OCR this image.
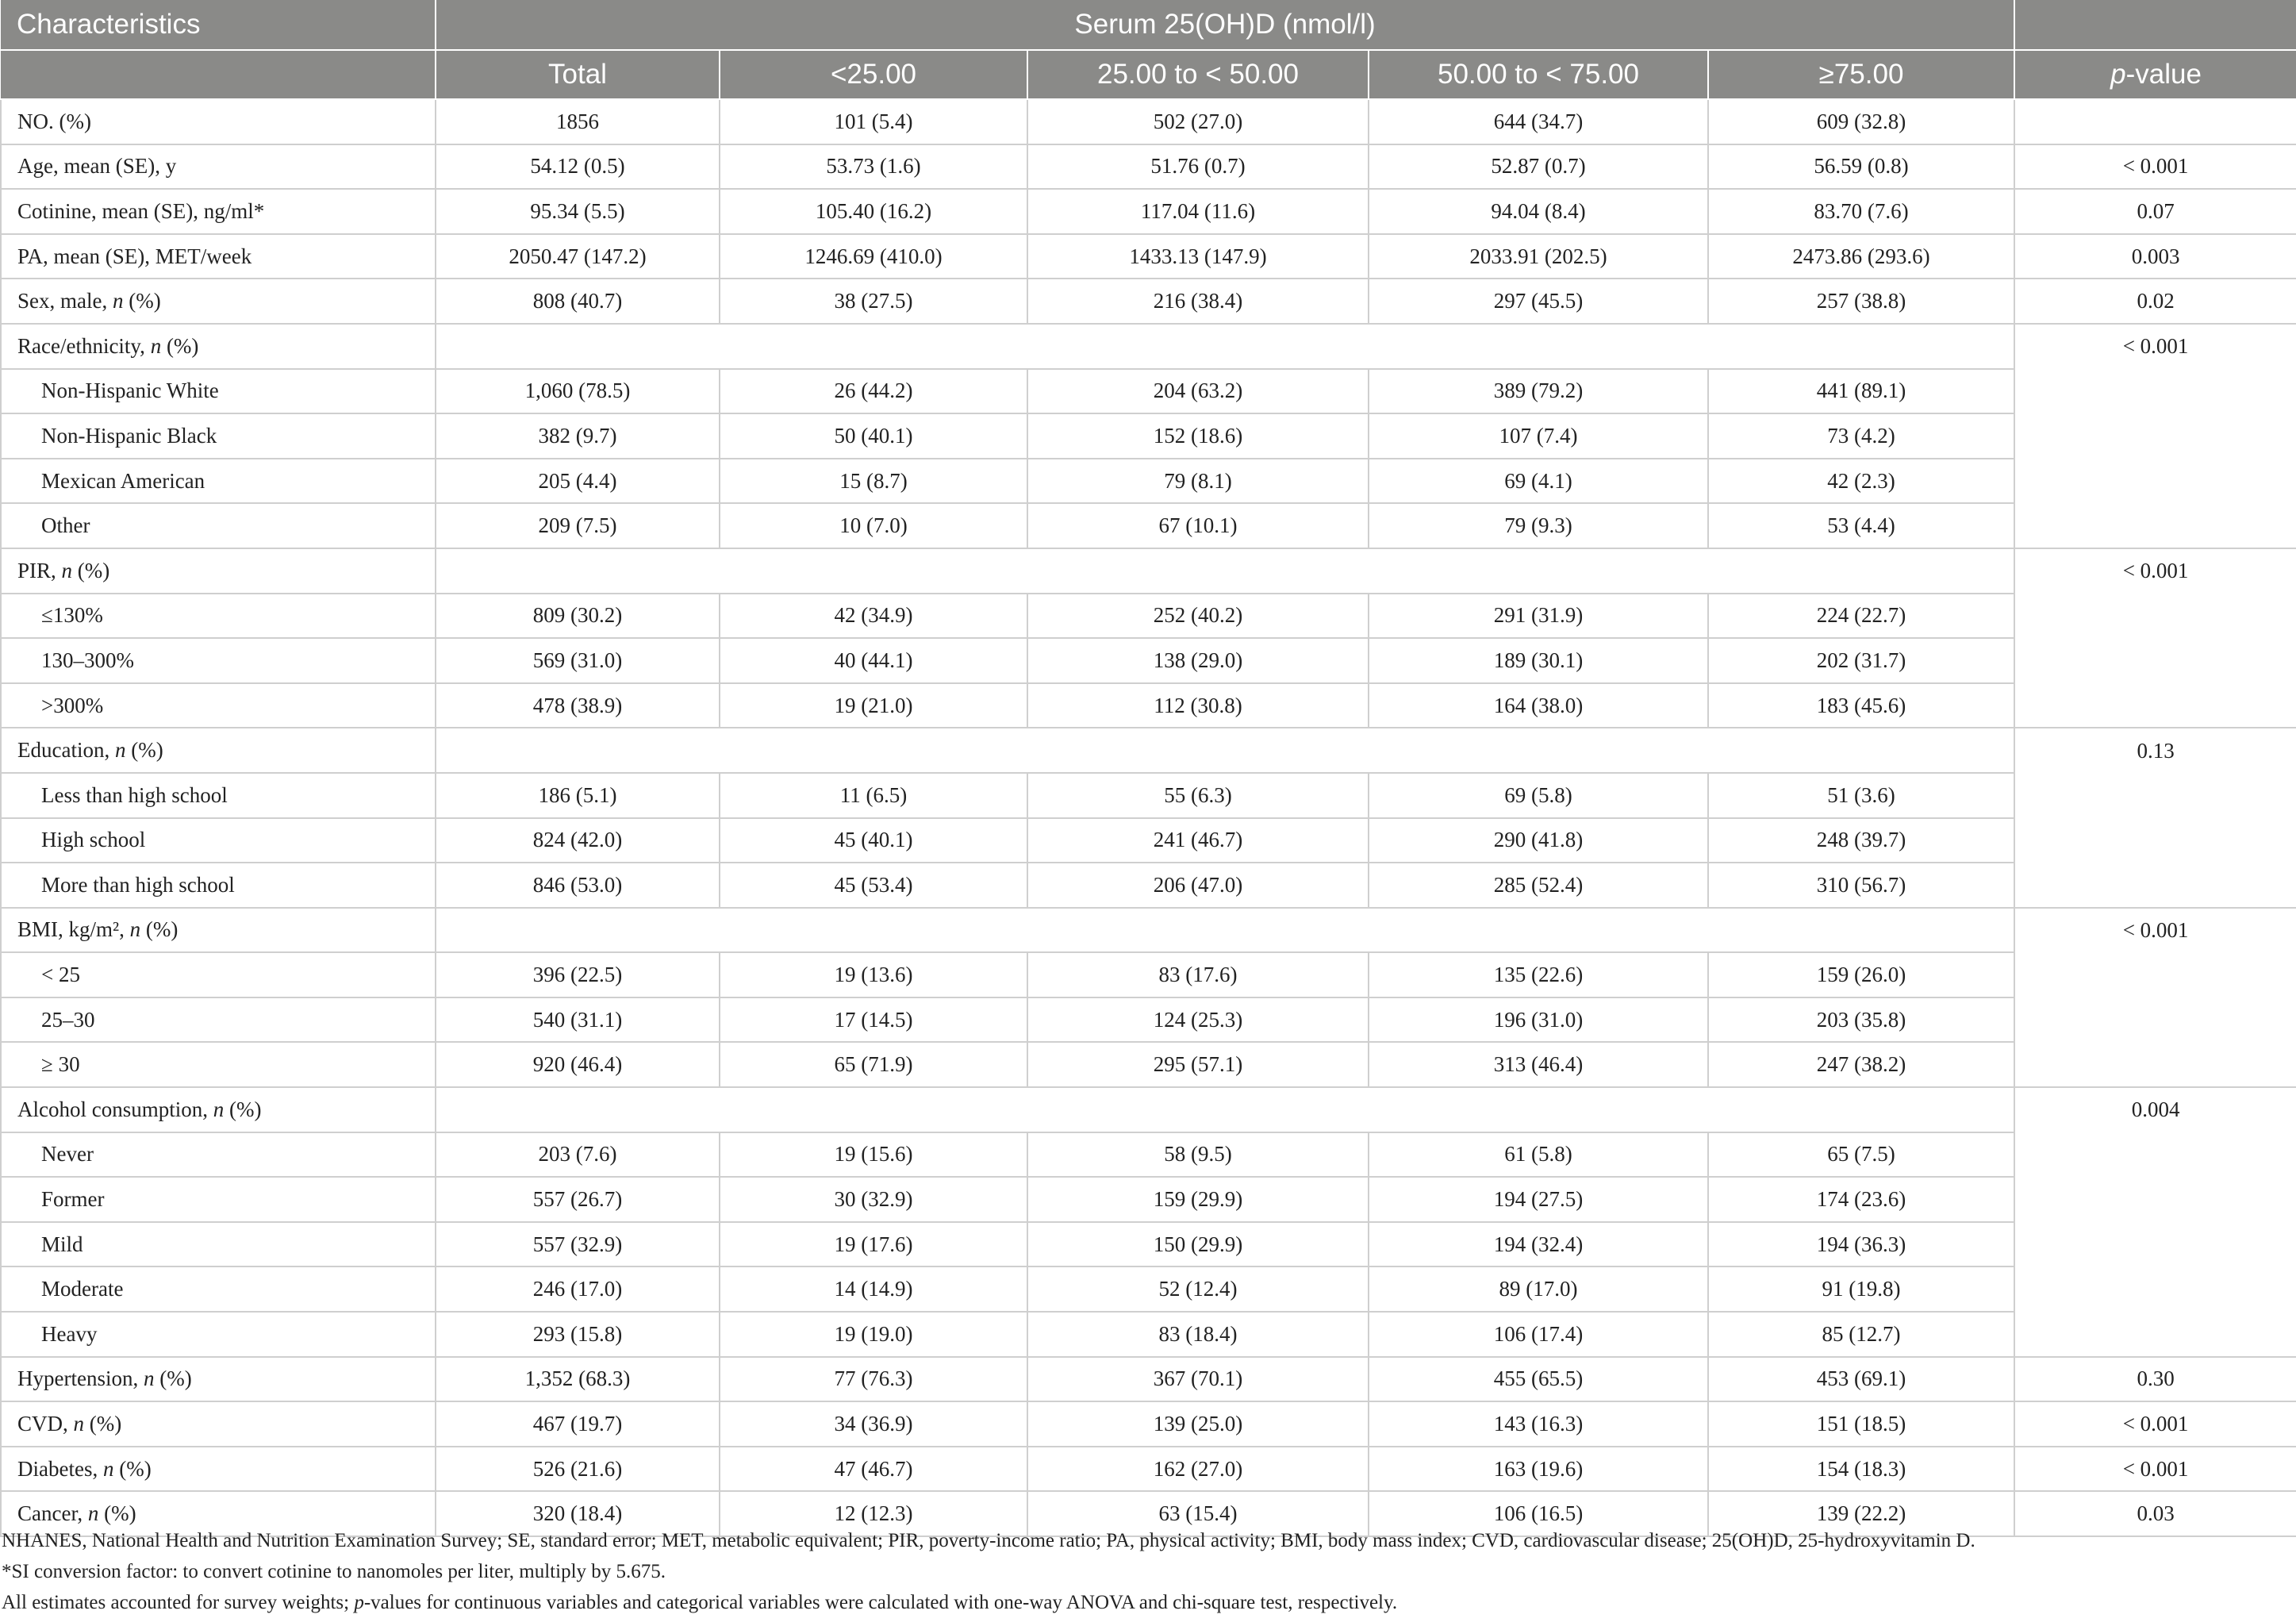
Characteristics	Serum 25(OH)D (nmol/l)					
	Total	<25.00	25.00 to < 50.00	50.00 to < 75.00	≥75.00	p-value
NO. (%)	1856	101 (5.4)	502 (27.0)	644 (34.7)	609 (32.8)	
Age, mean (SE), y	54.12 (0.5)	53.73 (1.6)	51.76 (0.7)	52.87 (0.7)	56.59 (0.8)	< 0.001
Cotinine, mean (SE), ng/ml*	95.34 (5.5)	105.40 (16.2)	117.04 (11.6)	94.04 (8.4)	83.70 (7.6)	0.07
PA, mean (SE), MET/week	2050.47 (147.2)	1246.69 (410.0)	1433.13 (147.9)	2033.91 (202.5)	2473.86 (293.6)	0.003
Sex, male, n (%)	808 (40.7)	38 (27.5)	216 (38.4)	297 (45.5)	257 (38.8)	0.02
Race/ethnicity, n (%)						< 0.001
Non-Hispanic White	1,060 (78.5)	26 (44.2)	204 (63.2)	389 (79.2)	441 (89.1)	
Non-Hispanic Black	382 (9.7)	50 (40.1)	152 (18.6)	107 (7.4)	73 (4.2)	
Mexican American	205 (4.4)	15 (8.7)	79 (8.1)	69 (4.1)	42 (2.3)	
Other	209 (7.5)	10 (7.0)	67 (10.1)	79 (9.3)	53 (4.4)	
PIR, n (%)						< 0.001
≤130%	809 (30.2)	42 (34.9)	252 (40.2)	291 (31.9)	224 (22.7)	
130–300%	569 (31.0)	40 (44.1)	138 (29.0)	189 (30.1)	202 (31.7)	
>300%	478 (38.9)	19 (21.0)	112 (30.8)	164 (38.0)	183 (45.6)	
Education, n (%)						0.13
Less than high school	186 (5.1)	11 (6.5)	55 (6.3)	69 (5.8)	51 (3.6)	
High school	824 (42.0)	45 (40.1)	241 (46.7)	290 (41.8)	248 (39.7)	
More than high school	846 (53.0)	45 (53.4)	206 (47.0)	285 (52.4)	310 (56.7)	
BMI, kg/m², n (%)						< 0.001
< 25	396 (22.5)	19 (13.6)	83 (17.6)	135 (22.6)	159 (26.0)	
25–30	540 (31.1)	17 (14.5)	124 (25.3)	196 (31.0)	203 (35.8)	
≥ 30	920 (46.4)	65 (71.9)	295 (57.1)	313 (46.4)	247 (38.2)	
Alcohol consumption, n (%)						0.004
Never	203 (7.6)	19 (15.6)	58 (9.5)	61 (5.8)	65 (7.5)	
Former	557 (26.7)	30 (32.9)	159 (29.9)	194 (27.5)	174 (23.6)	
Mild	557 (32.9)	19 (17.6)	150 (29.9)	194 (32.4)	194 (36.3)	
Moderate	246 (17.0)	14 (14.9)	52 (12.4)	89 (17.0)	91 (19.8)	
Heavy	293 (15.8)	19 (19.0)	83 (18.4)	106 (17.4)	85 (12.7)	
Hypertension, n (%)	1,352 (68.3)	77 (76.3)	367 (70.1)	455 (65.5)	453 (69.1)	0.30
CVD, n (%)	467 (19.7)	34 (36.9)	139 (25.0)	143 (16.3)	151 (18.5)	< 0.001
Diabetes, n (%)	526 (21.6)	47 (46.7)	162 (27.0)	163 (19.6)	154 (18.3)	< 0.001
Cancer, n (%)	320 (18.4)	12 (12.3)	63 (15.4)	106 (16.5)	139 (22.2)	0.03

NHANES, National Health and Nutrition Examination Survey; SE, standard error; MET, metabolic equivalent; PIR, poverty-income ratio; PA, physical activity; BMI, body mass index; CVD, cardiovascular disease; 25(OH)D, 25-hydroxyvitamin D.

*SI conversion factor: to convert cotinine to nanomoles per liter, multiply by 5.675.

All estimates accounted for survey weights; p-values for continuous variables and categorical variables were calculated with one-way ANOVA and chi-square test, respectively.
